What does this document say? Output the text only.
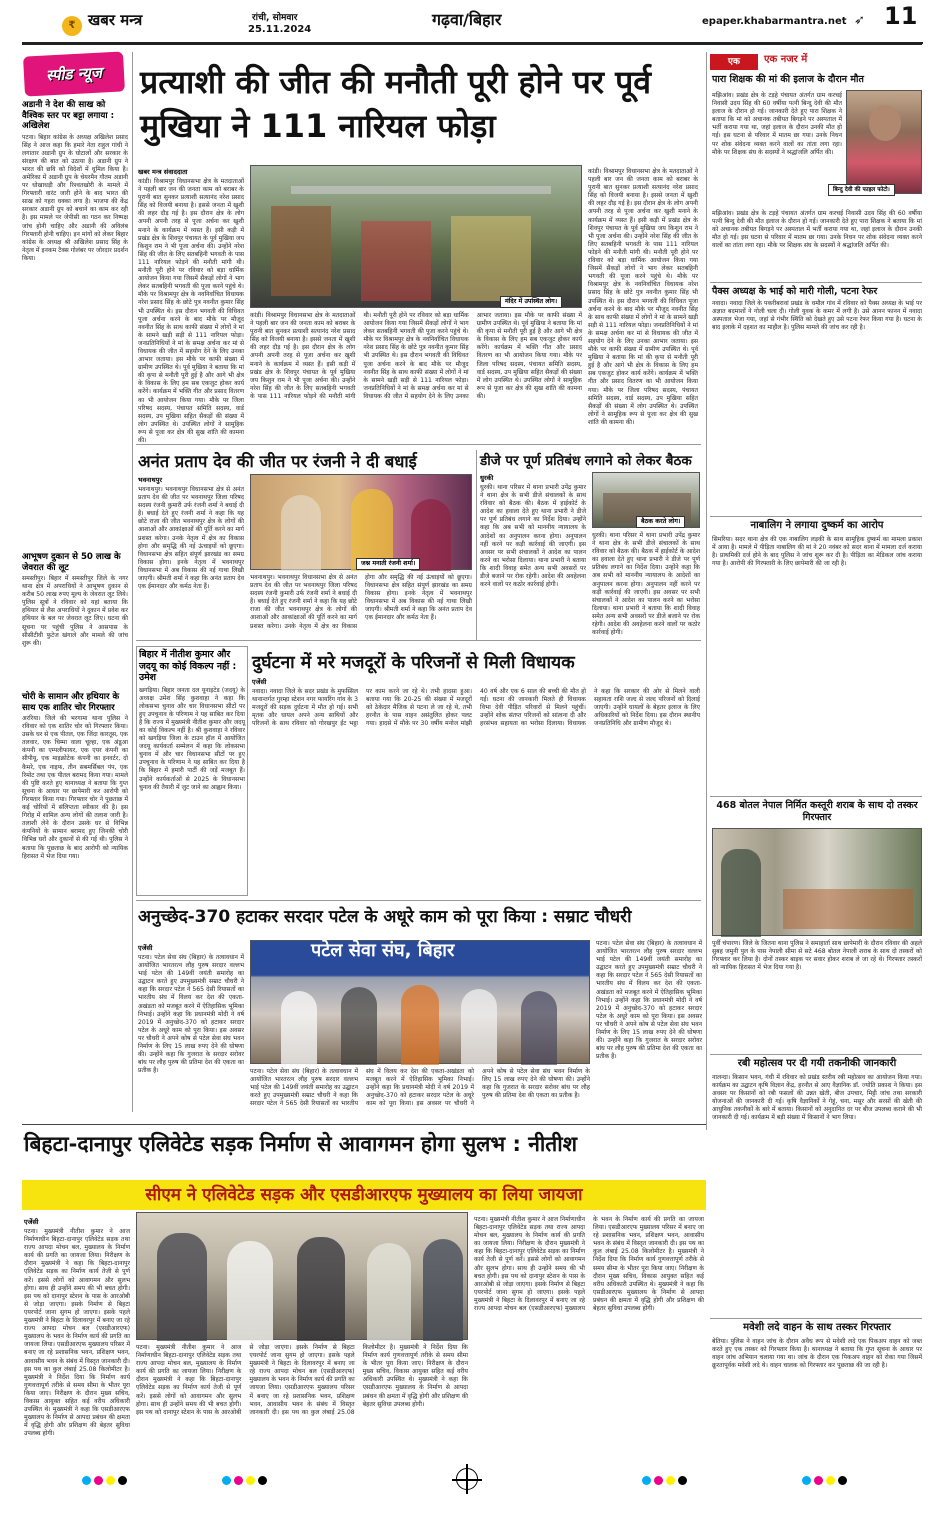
₹ खबर मन्त्र	रांची, सोमवार
25.11.2024
गढ़वा/बिहार	epaper.khabarmantra.net ➶ 11
स्पीड न्यूज
अडानी ने देश की साख को वैश्विक स्तर पर बट्टा लगाया : अखिलेश
पटना। बिहार कांग्रेस के अध्यक्ष अखिलेश प्रसाद सिंह ने आज कहा कि हमारे नेता राहुल गांधी ने लगातार अडानी ग्रुप के घोटालों और सरकार के संरक्षण की बात को उठाया है। अडानी ग्रुप ने भारत की छवि को विदेशों में धूमिल किया है। अमेरिका में अडानी ग्रुप के चेयरमैन गौतम अडानी पर धोखाधड़ी और रिश्वतखोरी के मामले में गिरफ्तारी वारंट जारी होने के बाद भारत की साख को गहरा धक्का लगा है। भाजपा की केंद्र सरकार अडानी ग्रुप को बचाने का काम कर रही है। इस मामले पर जेपीसी का गठन कर निष्पक्ष जांच होनी चाहिए और अडानी की अविलंब गिरफ्तारी होनी चाहिए। इन मांगों को लेकर बिहार कांग्रेस के अध्यक्ष श्री अखिलेश प्रसाद सिंह के नेतृत्व में इनकम टैक्स गोलंबर पर जोरदार प्रदर्शन किया।
आभूषण दुकान से 50 लाख के जेवरात की लूट
समस्तीपुर। बिहार में समस्तीपुर जिले के नगर थाना क्षेत्र में अपराधियों ने आभूषण दुकान से करीब 50 लाख रुपए मूल्य के जेवरात लूट लिये। पुलिस सूत्रों ने रविवार को यहां बताया कि हथियार से लैस अपराधियों ने दुकान में प्रवेश कर हथियार के बल पर जेवरात लूट लिए। घटना की सूचना पर पहुंची पुलिस ने आसपास के सीसीटीवी फुटेज खंगाले और मामले की जांच शुरू की।
चोरी के सामान और हथियार के साथ एक शातिर चोर गिरफ्तार
अररिया। जिले की भरगामा थाना पुलिस ने रविवार को एक शातिर चोर को गिरफ्तार किया। उसके घर से एक पीतल, एक जिंदा कारतूस, एक तलवार, एक चिम्मा वाला चूल्हा, एक अंडूआ कंपनी का एम्पलीफायर, एक एयर कंपनी का सीपीयू, एक माइक्रोटेक कंपनी का इनवर्टर, दो कैमरे, एक नाइफ, तीन सबमर्सिबल पंप, एक रिमोट तथा एक पीतल बरामद किया गया। मामले की पुष्टि करते हुए थानाध्यक्ष ने बताया कि गुप्त सूचना के आधार पर छापेमारी कर आरोपी को गिरफ्तार किया गया। गिरफ्तार चोर ने पूछताछ में कई चोरियों में संलिप्तता स्वीकार की है। इस गिरोह में शामिल अन्य लोगों की तलाश जारी है। तलाशी लेने के दौरान उसके घर से विभिन्न कंपनियों के सामान बरामद हुए जिनकी चोरी विभिन्न घरों और दुकानों से की गई थी। पुलिस ने बताया कि पूछताछ के बाद आरोपी को न्यायिक हिरासत में भेज दिया गया।
प्रत्याशी की जीत की मनौती पूरी होने पर पूर्व मुखिया ने 111 नारियल फोड़ा
खबर मन्त्र संवाददाता
मंदिर में उपस्थित लोग।
कांडी। विश्रामपुर विधानसभा क्षेत्र के मतदाताओं ने पहली बार जन की जनता काम को बराबर के पुरानी बात सुनकर प्रत्याशी सत्यानंद नरेश प्रसाद सिंह को विजयी बनाया है। इससे जनता में खुशी की लहर दौड़ गई है। इस दौरान क्षेत्र के लोग अपनी अपनी तरह से पूजा अर्चना कर खुशी मनाने के कार्यक्रम में व्यस्त हैं। इसी कड़ी में प्रखंड क्षेत्र के शिवपुर पंचायत के पूर्व मुखिया जय किशुन राम ने भी पूजा अर्चना की। उन्होंने नरेश सिंह की जीत के लिए सतबहिनी भगवती के पास 111 नारियल फोड़ने की मनौती मांगी थी। मनौती पूरी होने पर रविवार को बड़ा धार्मिक आयोजन किया गया जिसमें सैकड़ों लोगों ने भाग लेकर सतबहिनी भगवती की पूजा करने पहुंचे थे। मौके पर विश्रामपुर क्षेत्र के नवनिर्वाचित विधायक नरेश प्रसाद सिंह के छोटे पुत्र नवनीत कुमार सिंह भी उपस्थित थे। इस दौरान भगवती की विधिवत पूजा अर्चना करने के बाद मौके पर मौजूद नवनीत सिंह के साथ काफी संख्या में लोगों ने मां के सामने खड़ी सड़ी से 111 नारियल फोड़ा। जनप्रतिनिधियों ने मां के समक्ष अर्चना कर मां से विधायक की जीत में सहयोग देने के लिए उनका आभार जताया। इस मौके पर काफी संख्या में ग्रामीण उपस्थित थे। पूर्व मुखिया ने बताया कि मां की कृपा से मनौती पूरी हुई है और आगे भी क्षेत्र के विकास के लिए हम सब एकजुट होकर कार्य करेंगे। कार्यक्रम में भक्ति गीत और प्रसाद वितरण का भी आयोजन किया गया। मौके पर जिला परिषद सदस्य, पंचायत समिति सदस्य, वार्ड सदस्य, उप मुखिया सहित सैकड़ों की संख्या में लोग उपस्थित थे। उपस्थित लोगों ने सामूहिक रूप से पूजा कर क्षेत्र की सुख शांति की कामना की।
कांडी। विश्रामपुर विधानसभा क्षेत्र के मतदाताओं ने पहली बार जन की जनता काम को बराबर के पुरानी बात सुनकर प्रत्याशी सत्यानंद नरेश प्रसाद सिंह को विजयी बनाया है। इससे जनता में खुशी की लहर दौड़ गई है। इस दौरान क्षेत्र के लोग अपनी अपनी तरह से पूजा अर्चना कर खुशी मनाने के कार्यक्रम में व्यस्त हैं। इसी कड़ी में प्रखंड क्षेत्र के शिवपुर पंचायत के पूर्व मुखिया जय किशुन राम ने भी पूजा अर्चना की। उन्होंने नरेश सिंह की जीत के लिए सतबहिनी भगवती के पास 111 नारियल फोड़ने की मनौती मांगी थी। मनौती पूरी होने पर रविवार को बड़ा धार्मिक आयोजन किया गया जिसमें सैकड़ों लोगों ने भाग लेकर सतबहिनी भगवती की पूजा करने पहुंचे थे। मौके पर विश्रामपुर क्षेत्र के नवनिर्वाचित विधायक नरेश प्रसाद सिंह के छोटे पुत्र नवनीत कुमार सिंह भी उपस्थित थे। इस दौरान भगवती की विधिवत पूजा अर्चना करने के बाद मौके पर मौजूद नवनीत सिंह के साथ काफी संख्या में लोगों ने मां के सामने खड़ी सड़ी से 111 नारियल फोड़ा। जनप्रतिनिधियों ने मां के समक्ष अर्चना कर मां से विधायक की जीत में सहयोग देने के लिए उनका आभार जताया। इस मौके पर काफी संख्या में ग्रामीण उपस्थित थे। पूर्व मुखिया ने बताया कि मां की कृपा से मनौती पूरी हुई है और आगे भी क्षेत्र के विकास के लिए हम सब एकजुट होकर कार्य करेंगे। कार्यक्रम में भक्ति गीत और प्रसाद वितरण का भी आयोजन किया गया। मौके पर जिला परिषद सदस्य, पंचायत समिति सदस्य, वार्ड सदस्य, उप मुखिया सहित सैकड़ों की संख्या में लोग उपस्थित थे। उपस्थित लोगों ने सामूहिक रूप से पूजा कर क्षेत्र की सुख शांति की कामना की।
कांडी। विश्रामपुर विधानसभा क्षेत्र के मतदाताओं ने पहली बार जन की जनता काम को बराबर के पुरानी बात सुनकर प्रत्याशी सत्यानंद नरेश प्रसाद सिंह को विजयी बनाया है। इससे जनता में खुशी की लहर दौड़ गई है। इस दौरान क्षेत्र के लोग अपनी अपनी तरह से पूजा अर्चना कर खुशी मनाने के कार्यक्रम में व्यस्त हैं। इसी कड़ी में प्रखंड क्षेत्र के शिवपुर पंचायत के पूर्व मुखिया जय किशुन राम ने भी पूजा अर्चना की। उन्होंने नरेश सिंह की जीत के लिए सतबहिनी भगवती के पास 111 नारियल फोड़ने की मनौती मांगी थी। मनौती पूरी होने पर रविवार को बड़ा धार्मिक आयोजन किया गया जिसमें सैकड़ों लोगों ने भाग लेकर सतबहिनी भगवती की पूजा करने पहुंचे थे। मौके पर विश्रामपुर क्षेत्र के नवनिर्वाचित विधायक नरेश प्रसाद सिंह के छोटे पुत्र नवनीत कुमार सिंह भी उपस्थित थे। इस दौरान भगवती की विधिवत पूजा अर्चना करने के बाद मौके पर मौजूद नवनीत सिंह के साथ काफी संख्या में लोगों ने मां के सामने खड़ी सड़ी से 111 नारियल फोड़ा। जनप्रतिनिधियों ने मां के समक्ष अर्चना कर मां से विधायक की जीत में सहयोग देने के लिए उनका आभार जताया। इस मौके पर काफी संख्या में ग्रामीण उपस्थित थे। पूर्व मुखिया ने बताया कि मां की कृपा से मनौती पूरी हुई है और आगे भी क्षेत्र के विकास के लिए हम सब एकजुट होकर कार्य करेंगे। कार्यक्रम में भक्ति गीत और प्रसाद वितरण का भी आयोजन किया गया। मौके पर जिला परिषद सदस्य, पंचायत समिति सदस्य, वार्ड सदस्य, उप मुखिया सहित सैकड़ों की संख्या में लोग उपस्थित थे। उपस्थित लोगों ने सामूहिक रूप से पूजा कर क्षेत्र की सुख शांति की कामना की।
अनंत प्रताप देव की जीत पर रंजनी ने दी बधाई
भवनाथपुर
जश्न मनाती रंजनी शर्मा।
भवनाथपुर। भवनाथपुर विधानसभा क्षेत्र से अनंत प्रताप देव की जीत पर भवनाथपुर जिला परिषद सदस्य रंजनी कुमारी उर्फ रंजनी शर्मा ने बधाई दी है। बधाई देते हुए रंजनी शर्मा ने कहा कि यह छोटे राजा की जीत भवनाथपुर क्षेत्र के लोगों की आशाओं और आकांक्षाओं की पूर्ति करने का मार्ग प्रशस्त करेगा। उनके नेतृत्व में क्षेत्र का विकास होगा और समृद्धि की नई ऊंचाइयों को छूएगा। विधानसभा क्षेत्र सहित संपूर्ण झारखंड का समग्र विकास होगा। इनके नेतृत्व में भवनाथपुर विधानसभा में अब विकास की नई गाथा लिखी जाएगी। श्रीमती शर्मा ने कहा कि अनंत प्रताप देव एक ईमानदार और कर्मठ नेता हैं।
भवनाथपुर। भवनाथपुर विधानसभा क्षेत्र से अनंत प्रताप देव की जीत पर भवनाथपुर जिला परिषद सदस्य रंजनी कुमारी उर्फ रंजनी शर्मा ने बधाई दी है। बधाई देते हुए रंजनी शर्मा ने कहा कि यह छोटे राजा की जीत भवनाथपुर क्षेत्र के लोगों की आशाओं और आकांक्षाओं की पूर्ति करने का मार्ग प्रशस्त करेगा। उनके नेतृत्व में क्षेत्र का विकास होगा और समृद्धि की नई ऊंचाइयों को छूएगा। विधानसभा क्षेत्र सहित संपूर्ण झारखंड का समग्र विकास होगा। इनके नेतृत्व में भवनाथपुर विधानसभा में अब विकास की नई गाथा लिखी जाएगी। श्रीमती शर्मा ने कहा कि अनंत प्रताप देव एक ईमानदार और कर्मठ नेता हैं।
डीजे पर पूर्ण प्रतिबंध लगाने को लेकर बैठक
धुरकी
धुरकी। थाना परिसर में थाना प्रभारी उपेंद्र कुमार ने थाना क्षेत्र के सभी डीजे संचालकों के साथ रविवार को बैठक की। बैठक में हाईकोर्ट के आदेश का हवाला देते हुए थाना प्रभारी ने डीजे पर पूर्ण प्रतिबंध लगाने का निर्देश दिया। उन्होंने कहा कि अब सभी को माननीय न्यायालय के आदेशों का अनुपालन करना होगा। अनुपालन नहीं करने पर कड़ी कार्रवाई की जाएगी। इस अवसर पर सभी संचालकों ने आदेश का पालन करने का भरोसा दिलाया। थाना प्रभारी ने बताया कि शादी विवाह समेत अन्य सभी अवसरों पर डीजे बजाने पर रोक रहेगी। आदेश की अवहेलना करने वालों पर कठोर कार्रवाई होगी।
बैठक करते लोग।
धुरकी। थाना परिसर में थाना प्रभारी उपेंद्र कुमार ने थाना क्षेत्र के सभी डीजे संचालकों के साथ रविवार को बैठक की। बैठक में हाईकोर्ट के आदेश का हवाला देते हुए थाना प्रभारी ने डीजे पर पूर्ण प्रतिबंध लगाने का निर्देश दिया। उन्होंने कहा कि अब सभी को माननीय न्यायालय के आदेशों का अनुपालन करना होगा। अनुपालन नहीं करने पर कड़ी कार्रवाई की जाएगी। इस अवसर पर सभी संचालकों ने आदेश का पालन करने का भरोसा दिलाया। थाना प्रभारी ने बताया कि शादी विवाह समेत अन्य सभी अवसरों पर डीजे बजाने पर रोक रहेगी। आदेश की अवहेलना करने वालों पर कठोर कार्रवाई होगी।
बिहार में नीतीश कुमार और जदयू का कोई विकल्प नहीं : उमेश
खगड़िया। बिहार जनता दल यूनाइटेड (जदयू) के अध्यक्ष उमेश सिंह कुशवाहा ने कहा कि लोकसभा चुनाव और चार विधानसभा सीटों पर हुए उपचुनाव के परिणाम ने यह साबित कर दिया है कि राज्य में मुख्यमंत्री नीतीश कुमार और जदयू का कोई विकल्प नहीं है। श्री कुशवाहा ने रविवार को खगड़िया जिला के टाउन हॉल में आयोजित जदयू कार्यकर्ता सम्मेलन में कहा कि लोकसभा चुनाव में और चार विधानसभा सीटों पर हुए उपचुनाव के परिणाम ने यह साबित कर दिया है कि बिहार में हमारी पार्टी की जड़ें मजबूत हैं। उन्होंने कार्यकर्ताओं से 2025 के विधानसभा चुनाव की तैयारी में जुट जाने का आह्वान किया।
दुर्घटना में मरे मजदूरों के परिजनों से मिली विधायक
एजेंसी
नवादा। नवादा जिले के सदर प्रखंड के मुफस्सिल थानान्तर्गत गुरम्हा स्टेशन नगर फायरिंग गांव के 3 मजदूरों की सड़क दुर्घटना में मौत हो गई। सभी मृतक और घायल अपने अन्य साथियों और परिजनों के साथ रविवार को गोरखपुर ईंट भट्ठा पर काम करने जा रहे थे। तभी हादसा हुआ। बताया गया कि 20-25 की संख्या में मजदूरों को ठेकेदार मैजिक से पटना ले जा रहे थे, तभी हरनौत के पास वाहन असंतुलित होकर पलट गया। हादसे में मौके पर 30 वर्षीय मनोज मांझी 40 वर्ष और एक 6 साल की बच्ची की मौत हो गई। घटना की जानकारी मिलते ही विधायक विभा देवी पीड़ित परिवारों से मिलने पहुंचीं। उन्होंने शोक संतप्त परिजनों को सांत्वना दी और हरसंभव सहायता का भरोसा दिलाया। विधायक ने कहा कि सरकार की ओर से मिलने वाली सहायता राशि जल्द से जल्द परिजनों को दिलाई जाएगी। उन्होंने घायलों के बेहतर इलाज के लिए अधिकारियों को निर्देश दिया। इस दौरान स्थानीय जनप्रतिनिधि और ग्रामीण मौजूद थे।
अनुच्छेद-370 हटाकर सरदार पटेल के अधूरे काम को पूरा किया : सम्राट चौधरी
एजेंसी
पटना। पटेल सेवा संघ (बिहार) के तत्वावधान में आयोजित भारतरत्न लौह पुरुष सरदार वल्लभ भाई पटेल की 149वीं जयंती समारोह का उद्घाटन करते हुए उपमुख्यमंत्री सम्राट चौधरी ने कहा कि सरदार पटेल ने 565 देसी रियासतों का भारतीय संघ में विलय कर देश की एकता-अखंडता को मजबूत करने में ऐतिहासिक भूमिका निभाई। उन्होंने कहा कि प्रधानमंत्री मोदी ने वर्ष 2019 में अनुच्छेद-370 को हटाकर सरदार पटेल के अधूरे काम को पूरा किया। इस अवसर पर चौधरी ने अपने कोष से पटेल सेवा संघ भवन निर्माण के लिए 15 लाख रुपए देने की घोषणा की। उन्होंने कहा कि गुजरात के सरदार सरोवर बांध पर लौह पुरुष की प्रतिमा देश की एकता का प्रतीक है।
पटेल सेवा संघ, बिहार
पटना। पटेल सेवा संघ (बिहार) के तत्वावधान में आयोजित भारतरत्न लौह पुरुष सरदार वल्लभ भाई पटेल की 149वीं जयंती समारोह का उद्घाटन करते हुए उपमुख्यमंत्री सम्राट चौधरी ने कहा कि सरदार पटेल ने 565 देसी रियासतों का भारतीय संघ में विलय कर देश की एकता-अखंडता को मजबूत करने में ऐतिहासिक भूमिका निभाई। उन्होंने कहा कि प्रधानमंत्री मोदी ने वर्ष 2019 में अनुच्छेद-370 को हटाकर सरदार पटेल के अधूरे काम को पूरा किया। इस अवसर पर चौधरी ने अपने कोष से पटेल सेवा संघ भवन निर्माण के लिए 15 लाख रुपए देने की घोषणा की। उन्होंने कहा कि गुजरात के सरदार सरोवर बांध पर लौह पुरुष की प्रतिमा देश की एकता का प्रतीक है।
पटना। पटेल सेवा संघ (बिहार) के तत्वावधान में आयोजित भारतरत्न लौह पुरुष सरदार वल्लभ भाई पटेल की 149वीं जयंती समारोह का उद्घाटन करते हुए उपमुख्यमंत्री सम्राट चौधरी ने कहा कि सरदार पटेल ने 565 देसी रियासतों का भारतीय संघ में विलय कर देश की एकता-अखंडता को मजबूत करने में ऐतिहासिक भूमिका निभाई। उन्होंने कहा कि प्रधानमंत्री मोदी ने वर्ष 2019 में अनुच्छेद-370 को हटाकर सरदार पटेल के अधूरे काम को पूरा किया। इस अवसर पर चौधरी ने अपने कोष से पटेल सेवा संघ भवन निर्माण के लिए 15 लाख रुपए देने की घोषणा की। उन्होंने कहा कि गुजरात के सरदार सरोवर बांध पर लौह पुरुष की प्रतिमा देश की एकता का प्रतीक है।
एक	एक नजर में
पारा शिक्षक की मां की इलाज के दौरान मौत
मझिआंव। प्रखंड क्षेत्र के टड़हे पंचायत अंतर्गत ग्राम करचई निवासी उदय सिंह की 60 वर्षीया पत्नी बिन्दु देवी की मौत इलाज के दौरान हो गई। जानकारी देते हुए पारा शिक्षक ने बताया कि मां को अचानक तबीयत बिगड़ने पर अस्पताल में भर्ती कराया गया था, जहां इलाज के दौरान उनकी मौत हो गई। इस घटना से परिवार में मातम छा गया। उनके निधन पर शोक संवेदना व्यक्त करने वालों का तांता लगा रहा। मौके पर शिक्षक संघ के सदस्यों ने श्रद्धांजलि अर्पित की।
बिन्दु देवी की फाइल फोटो।
मझिआंव। प्रखंड क्षेत्र के टड़हे पंचायत अंतर्गत ग्राम करचई निवासी उदय सिंह की 60 वर्षीया पत्नी बिन्दु देवी की मौत इलाज के दौरान हो गई। जानकारी देते हुए पारा शिक्षक ने बताया कि मां को अचानक तबीयत बिगड़ने पर अस्पताल में भर्ती कराया गया था, जहां इलाज के दौरान उनकी मौत हो गई। इस घटना से परिवार में मातम छा गया। उनके निधन पर शोक संवेदना व्यक्त करने वालों का तांता लगा रहा। मौके पर शिक्षक संघ के सदस्यों ने श्रद्धांजलि अर्पित की।
पैक्स अध्यक्ष के भाई को मारी गोली, पटना रेफर
नवादा। नवादा जिले के पकरीबरावां प्रखंड के धमौल गांव में रविवार को पैक्स अध्यक्ष के भाई पर अज्ञात बदमाशों ने गोली चला दी। गोली युवक के कमर में लगी है। उसे आनन फानन में नवादा अस्पताल भेजा गया, जहां से गंभीर स्थिति को देखते हुए उसे पटना रेफर किया गया है। घटना के बाद इलाके में दहशत का माहौल है। पुलिस मामले की जांच कर रही है।
नाबालिग ने लगाया दुष्कर्म का आरोप
सिमरिया। सदर थाना क्षेत्र की एक नाबालिग लड़की के साथ सामूहिक दुष्कर्म का मामला प्रकाश में आया है। मामले में पीड़िता नाबालिग की मां ने 20 नवंबर को सदर थाना में मामला दर्ज कराया है। प्राथमिकी दर्ज होने के बाद पुलिस ने जांच शुरू कर दी है। पीड़िता का मेडिकल जांच कराया गया है। आरोपी की गिरफ्तारी के लिए छापेमारी की जा रही है।
468 बोतल नेपाल निर्मित कस्तूरी शराब के साथ दो तस्कर गिरफ्तार
पूर्वी चंपारण। जिले के जितना थाना पुलिस ने समाहार्ता साथ छापेमारी के दौरान रविवार की अहले सुबह जमुनी पुल के पास नेपाली सीमा से सटे 468 बोतल नेपाली शराब के साथ दो तस्करों को गिरफ्तार कर लिया है। दोनों तस्कर बाइक पर सवार होकर शराब ले जा रहे थे। गिरफ्तार तस्करों को न्यायिक हिरासत में भेज दिया गया है।
रबी महोत्सव पर दी गयी तकनीकी जानकारी
नालन्दा। किसान भवन, गंधी में रविवार को प्रखंड स्तरीय रबी महोत्सव का आयोजन किया गया। कार्यक्रम का उद्घाटन कृषि विज्ञान केंद्र, हरनौत से आए वैज्ञानिक डॉ. ज्योति प्रकाश ने किया। इस अवसर पर किसानों को रबी फसलों की उन्नत खेती, बीज उपचार, मिट्टी जांच तथा सरकारी योजनाओं की जानकारी दी गई। कृषि वैज्ञानिकों ने गेहूं, चना, मसूर और सरसों की खेती की आधुनिक तकनीकों के बारे में बताया। किसानों को अनुदानित दर पर बीज उपलब्ध कराने की भी जानकारी दी गई। कार्यक्रम में बड़ी संख्या में किसानों ने भाग लिया।
मवेशी लदे वाहन के साथ तस्कर गिरफ्तार
बेतिया। पुलिस ने वाहन जांच के दौरान अवैध रूप से मवेशी लदे एक पिकअप वाहन को जब्त करते हुए एक तस्कर को गिरफ्तार किया है। थानाध्यक्ष ने बताया कि गुप्त सूचना के आधार पर वाहन जांच अभियान चलाया गया था। जांच के दौरान एक पिकअप वाहन को रोका गया जिसमें क्रूरतापूर्वक मवेशी लदे थे। वाहन चालक को गिरफ्तार कर पूछताछ की जा रही है।
बिहटा-दानापुर एलिवेटेड सड़क निर्माण से आवागमन होगा सुलभ : नीतीश
सीएम ने एलिवेटेड सड़क और एसडीआरएफ मुख्यालय का लिया जायजा
एजेंसी
पटना। मुख्यमंत्री नीतीश कुमार ने आज निर्माणाधीन बिहटा-दानापुर एलिवेटेड सड़क तथा राज्य आपदा मोचन बल, मुख्यालय के निर्माण कार्य की प्रगति का जायजा लिया। निरीक्षण के दौरान मुख्यमंत्री ने कहा कि बिहटा-दानापुर एलिवेटेड सड़क का निर्माण कार्य तेजी से पूर्ण करें। इससे लोगों को आवागमन और सुलभ होगा। साथ ही उन्होंने समय की भी बचत होगी। इस पथ को दानापुर स्टेशन के पास के आरओबी से जोड़ा जाएगा। इसके निर्माण से बिहटा एयरपोर्ट जाना सुगम हो जाएगा। इसके पहले मुख्यमंत्री ने बिहटा के दिलावरपुर में बनाए जा रहे राज्य आपदा मोचन बल (एसडीआरएफ) मुख्यालय के भवन के निर्माण कार्य की प्रगति का जायजा लिया। एसडीआरएफ मुख्यालय परिसर में बनाए जा रहे प्रशासनिक भवन, प्रशिक्षण भवन, आवासीय भवन के संबंध में विस्तृत जानकारी दी। इस पथ का कुल लंबाई 25.08 किलोमीटर है। मुख्यमंत्री ने निर्देश दिया कि निर्माण कार्य गुणवत्तापूर्ण तरीके से समय सीमा के भीतर पूरा किया जाए। निरीक्षण के दौरान मुख्य सचिव, विकास आयुक्त सहित कई वरीय अधिकारी उपस्थित थे। मुख्यमंत्री ने कहा कि एसडीआरएफ मुख्यालय के निर्माण से आपदा प्रबंधन की क्षमता में वृद्धि होगी और प्रशिक्षण की बेहतर सुविधा उपलब्ध होगी।
पटना। मुख्यमंत्री नीतीश कुमार ने आज निर्माणाधीन बिहटा-दानापुर एलिवेटेड सड़क तथा राज्य आपदा मोचन बल, मुख्यालय के निर्माण कार्य की प्रगति का जायजा लिया। निरीक्षण के दौरान मुख्यमंत्री ने कहा कि बिहटा-दानापुर एलिवेटेड सड़क का निर्माण कार्य तेजी से पूर्ण करें। इससे लोगों को आवागमन और सुलभ होगा। साथ ही उन्होंने समय की भी बचत होगी। इस पथ को दानापुर स्टेशन के पास के आरओबी से जोड़ा जाएगा। इसके निर्माण से बिहटा एयरपोर्ट जाना सुगम हो जाएगा। इसके पहले मुख्यमंत्री ने बिहटा के दिलावरपुर में बनाए जा रहे राज्य आपदा मोचन बल (एसडीआरएफ) मुख्यालय के भवन के निर्माण कार्य की प्रगति का जायजा लिया। एसडीआरएफ मुख्यालय परिसर में बनाए जा रहे प्रशासनिक भवन, प्रशिक्षण भवन, आवासीय भवन के संबंध में विस्तृत जानकारी दी। इस पथ का कुल लंबाई 25.08 किलोमीटर है। मुख्यमंत्री ने निर्देश दिया कि निर्माण कार्य गुणवत्तापूर्ण तरीके से समय सीमा के भीतर पूरा किया जाए। निरीक्षण के दौरान मुख्य सचिव, विकास आयुक्त सहित कई वरीय अधिकारी उपस्थित थे। मुख्यमंत्री ने कहा कि एसडीआरएफ मुख्यालय के निर्माण से आपदा प्रबंधन की क्षमता में वृद्धि होगी और प्रशिक्षण की बेहतर सुविधा उपलब्ध होगी।
पटना। मुख्यमंत्री नीतीश कुमार ने आज निर्माणाधीन बिहटा-दानापुर एलिवेटेड सड़क तथा राज्य आपदा मोचन बल, मुख्यालय के निर्माण कार्य की प्रगति का जायजा लिया। निरीक्षण के दौरान मुख्यमंत्री ने कहा कि बिहटा-दानापुर एलिवेटेड सड़क का निर्माण कार्य तेजी से पूर्ण करें। इससे लोगों को आवागमन और सुलभ होगा। साथ ही उन्होंने समय की भी बचत होगी। इस पथ को दानापुर स्टेशन के पास के आरओबी से जोड़ा जाएगा। इसके निर्माण से बिहटा एयरपोर्ट जाना सुगम हो जाएगा। इसके पहले मुख्यमंत्री ने बिहटा के दिलावरपुर में बनाए जा रहे राज्य आपदा मोचन बल (एसडीआरएफ) मुख्यालय के भवन के निर्माण कार्य की प्रगति का जायजा लिया। एसडीआरएफ मुख्यालय परिसर में बनाए जा रहे प्रशासनिक भवन, प्रशिक्षण भवन, आवासीय भवन के संबंध में विस्तृत जानकारी दी। इस पथ का कुल लंबाई 25.08 किलोमीटर है। मुख्यमंत्री ने निर्देश दिया कि निर्माण कार्य गुणवत्तापूर्ण तरीके से समय सीमा के भीतर पूरा किया जाए। निरीक्षण के दौरान मुख्य सचिव, विकास आयुक्त सहित कई वरीय अधिकारी उपस्थित थे। मुख्यमंत्री ने कहा कि एसडीआरएफ मुख्यालय के निर्माण से आपदा प्रबंधन की क्षमता में वृद्धि होगी और प्रशिक्षण की बेहतर सुविधा उपलब्ध होगी।
